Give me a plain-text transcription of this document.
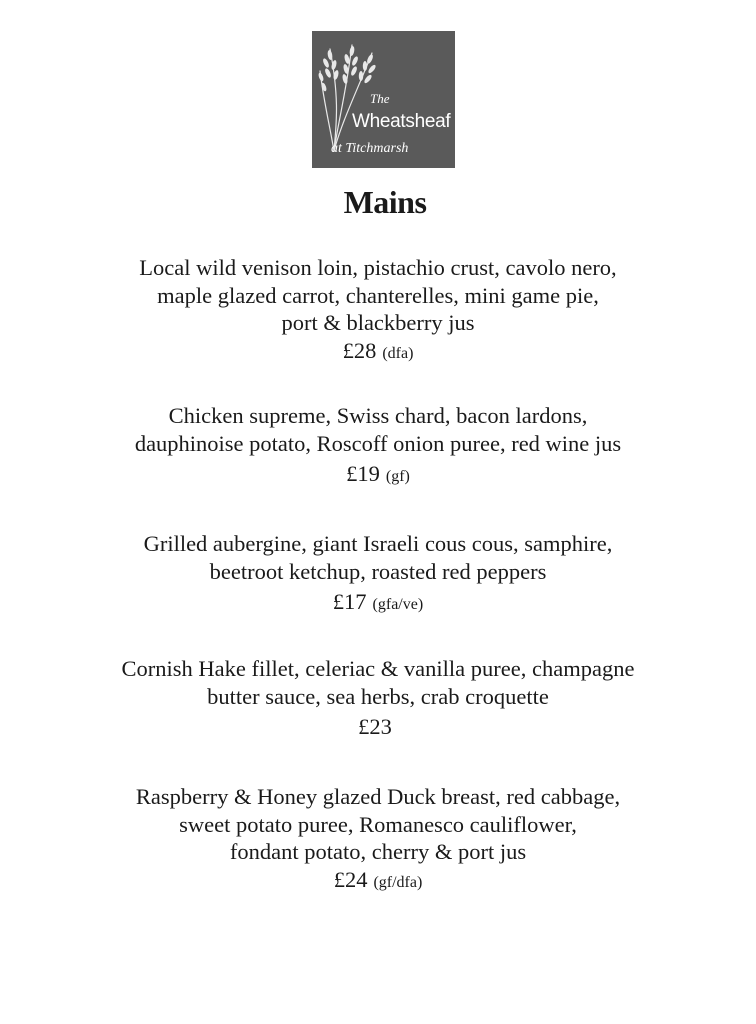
The
Wheatsheaf
at Titchmarsh
Mains
Local wild venison loin, pistachio crust, cavolo nero,
maple glazed carrot, chanterelles, mini game pie,
port & blackberry jus
£28 (dfa)
Chicken supreme, Swiss chard, bacon lardons,
dauphinoise potato, Roscoff onion puree, red wine jus
£19 (gf)
Grilled aubergine, giant Israeli cous cous, samphire,
beetroot ketchup, roasted red peppers
£17 (gfa/ve)
Cornish Hake fillet, celeriac & vanilla puree, champagne
butter sauce, sea herbs, crab croquette
£23
Raspberry & Honey glazed Duck breast, red cabbage,
sweet potato puree, Romanesco cauliflower,
fondant potato, cherry & port jus
£24 (gf/dfa)
